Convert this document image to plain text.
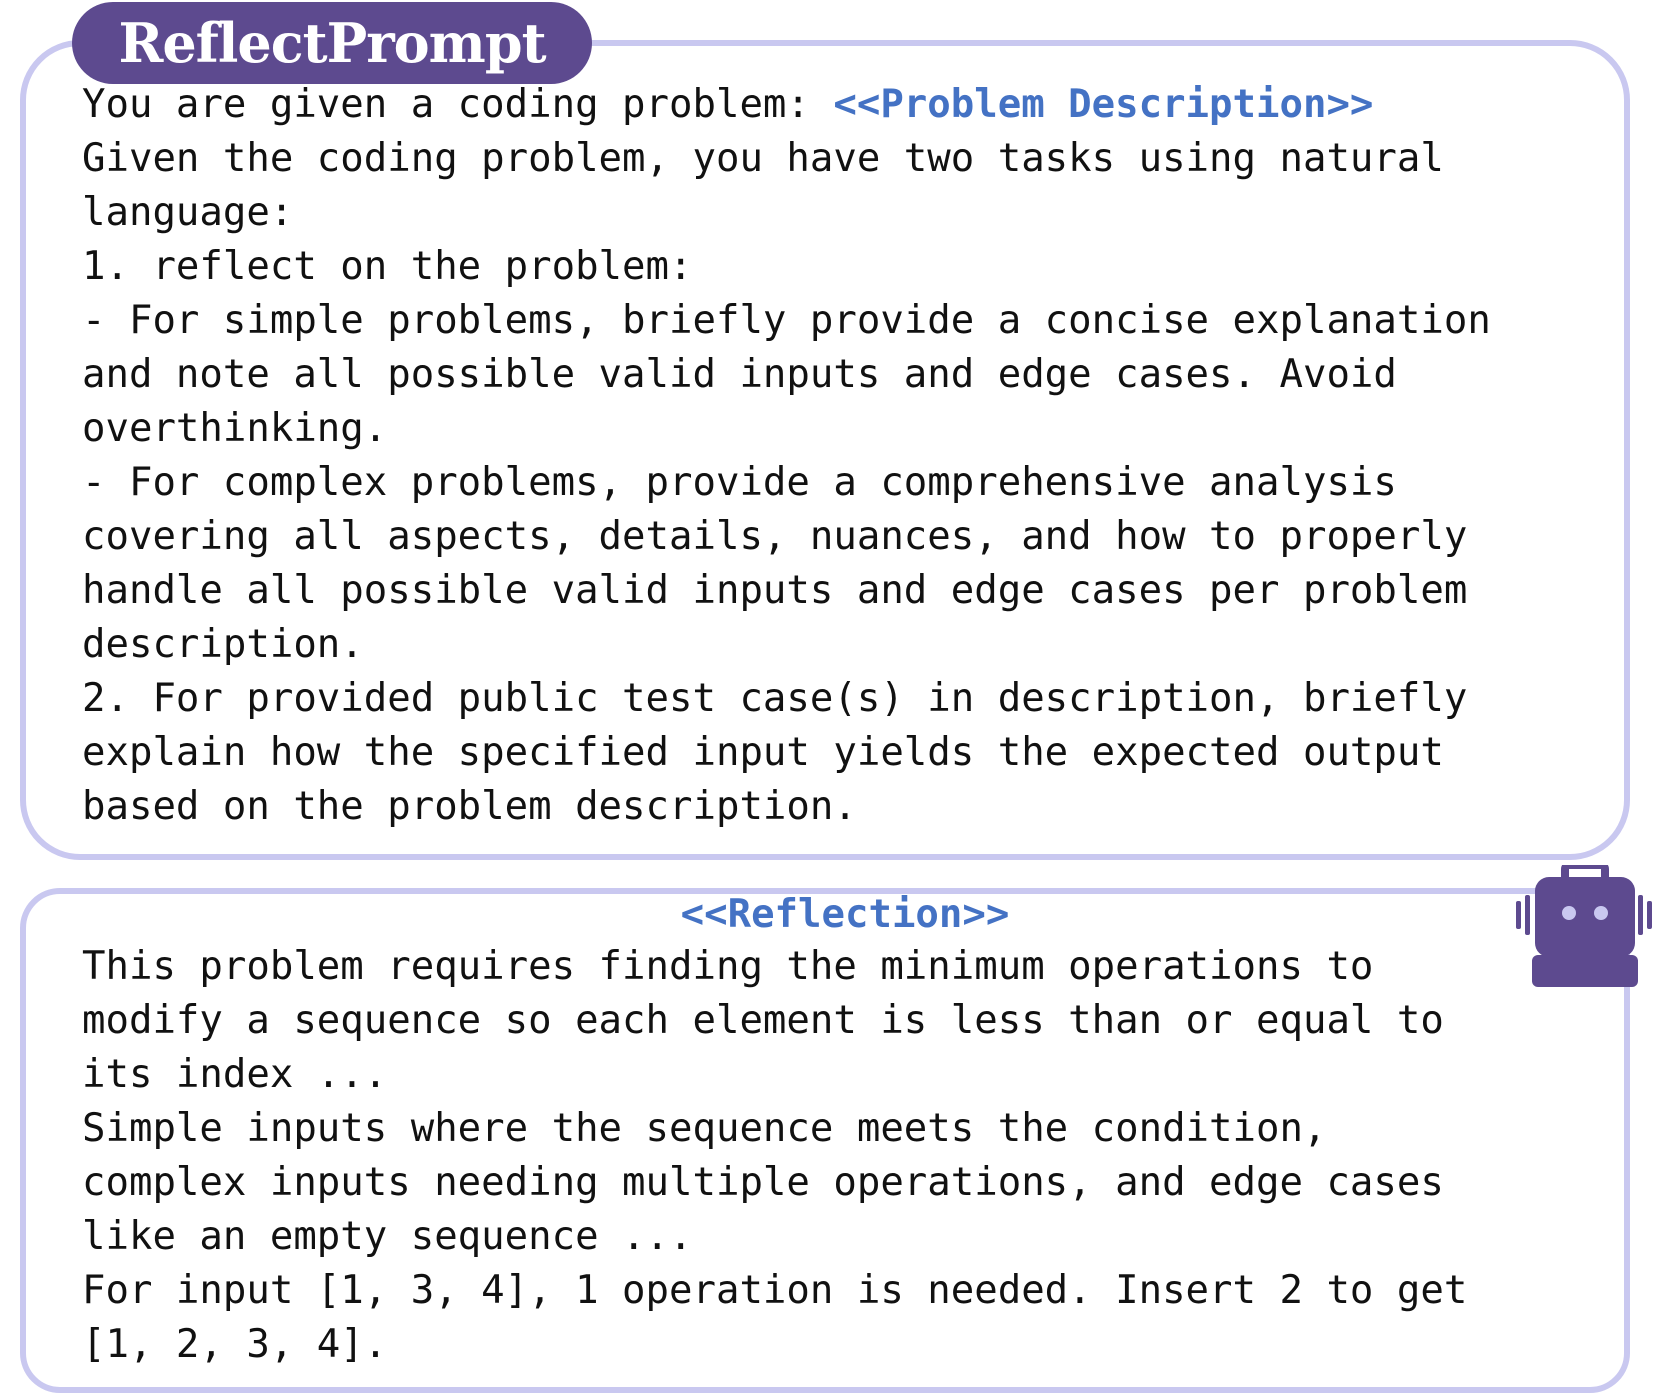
ReflectPrompt
You are given a coding problem: <<Problem Description>>
Given the coding problem, you have two tasks using natural
language:
1. reflect on the problem:
- For simple problems, briefly provide a concise explanation
and note all possible valid inputs and edge cases. Avoid
overthinking.
- For complex problems, provide a comprehensive analysis
covering all aspects, details, nuances, and how to properly
handle all possible valid inputs and edge cases per problem
description.
2. For provided public test case(s) in description, briefly
explain how the specified input yields the expected output
based on the problem description.
<<Reflection>>
This problem requires finding the minimum operations to
modify a sequence so each element is less than or equal to
its index ...
Simple inputs where the sequence meets the condition,
complex inputs needing multiple operations, and edge cases
like an empty sequence ...
For input [1, 3, 4], 1 operation is needed. Insert 2 to get
[1, 2, 3, 4].
